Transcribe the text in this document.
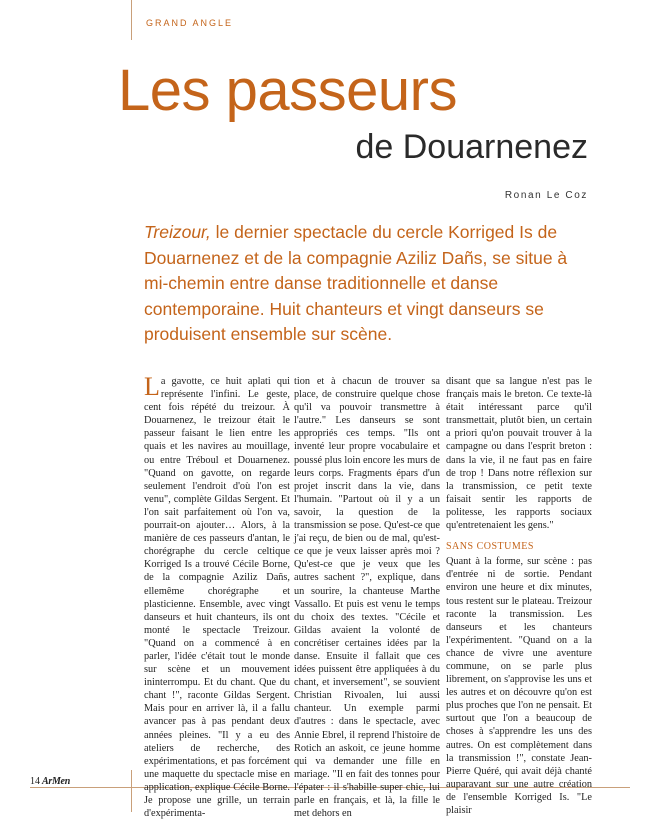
GRAND ANGLE
Les passeurs
de Douarnenez
Ronan Le Coz
Treizour, le dernier spectacle du cercle Korriged Is de Douarnenez et de la compagnie Aziliz Dañs, se situe à mi-chemin entre danse traditionnelle et danse contemporaine. Huit chanteurs et vingt danseurs se produisent ensemble sur scène.
L a gavotte, ce huit aplati qui représente l'infini. Le geste, cent fois répété du treizour. À Douarnenez, le treizour était le passeur faisant le lien entre les quais et les navires au mouillage, ou entre Tréboul et Douarnenez. "Quand on gavotte, on regarde seulement l'endroit d'où l'on est venu", complète Gildas Sergent. Et l'on sait parfaitement où l'on va, pourrait-on ajouter… Alors, à la manière de ces passeurs d'antan, le chorégraphe du cercle celtique Korriged Is a trouvé Cécile Borne, de la compagnie Aziliz Dañs, ellemême chorégraphe et plasticienne. Ensemble, avec vingt danseurs et huit chanteurs, ils ont monté le spectacle Treizour. "Quand on a commencé à en parler, l'idée c'était tout le monde sur scène et un mouvement ininterrompu. Et du chant. Que du chant !", raconte Gildas Sergent. Mais pour en arriver là, il a fallu avancer pas à pas pendant deux années pleines. "Il y a eu des ateliers de recherche, des expérimentations, et pas forcément une maquette du spectacle mise en application, explique Cécile Borne. Je propose une grille, un terrain d'expérimenta-

tion et à chacun de trouver sa place, de construire quelque chose qu'il va pouvoir transmettre à l'autre." Les danseurs se sont appropriés ces temps. "Ils ont inventé leur propre vocabulaire et poussé plus loin encore les murs de leurs corps. Fragments épars d'un projet inscrit dans la vie, dans l'humain. "Partout où il y a un savoir, la question de la transmission se pose. Qu'est-ce que j'ai reçu, de bien ou de mal, qu'est-ce que je veux laisser après moi ? Qu'est-ce que je veux que les autres sachent ?", explique, dans un sourire, la chanteuse Marthe Vassallo. Et puis est venu le temps du choix des textes. "Cécile et Gildas avaient la volonté de concrétiser certaines idées par la danse. Ensuite il fallait que ces idées puissent être appliquées à du chant, et inversement", se souvient Christian Rivoalen, lui aussi chanteur. Un exemple parmi d'autres : dans le spectacle, avec Annie Ebrel, il reprend l'histoire de Rotich an askoit, ce jeune homme qui va demander une fille en mariage. "Il en fait des tonnes pour l'épater : il s'habille super chic, lui parle en français, et là, la fille le met dehors en

disant que sa langue n'est pas le français mais le breton. Ce texte-là était intéressant parce qu'il transmettait, plutôt bien, un certain a priori qu'on pouvait trouver à la campagne ou dans l'esprit breton : dans la vie, il ne faut pas en faire de trop ! Dans notre réflexion sur la transmission, ce petit texte faisait sentir les rapports de politesse, les rapports sociaux qu'entretenaient les gens."

SANS COSTUMES

Quant à la forme, sur scène : pas d'entrée ni de sortie. Pendant environ une heure et dix minutes, tous restent sur le plateau. Treizour raconte la transmission. Les danseurs et les chanteurs l'expérimentent. "Quand on a la chance de vivre une aventure commune, on se parle plus librement, on s'approvise les uns et les autres et on découvre qu'on est plus proches que l'on ne pensait. Et surtout que l'on a beaucoup de choses à s'apprendre les uns des autres. On est complètement dans la transmission !", constate Jean-Pierre Quéré, qui avait déjà chanté auparavant sur une autre création de l'ensemble Korriged Is. "Le plaisir

14 ArMen
